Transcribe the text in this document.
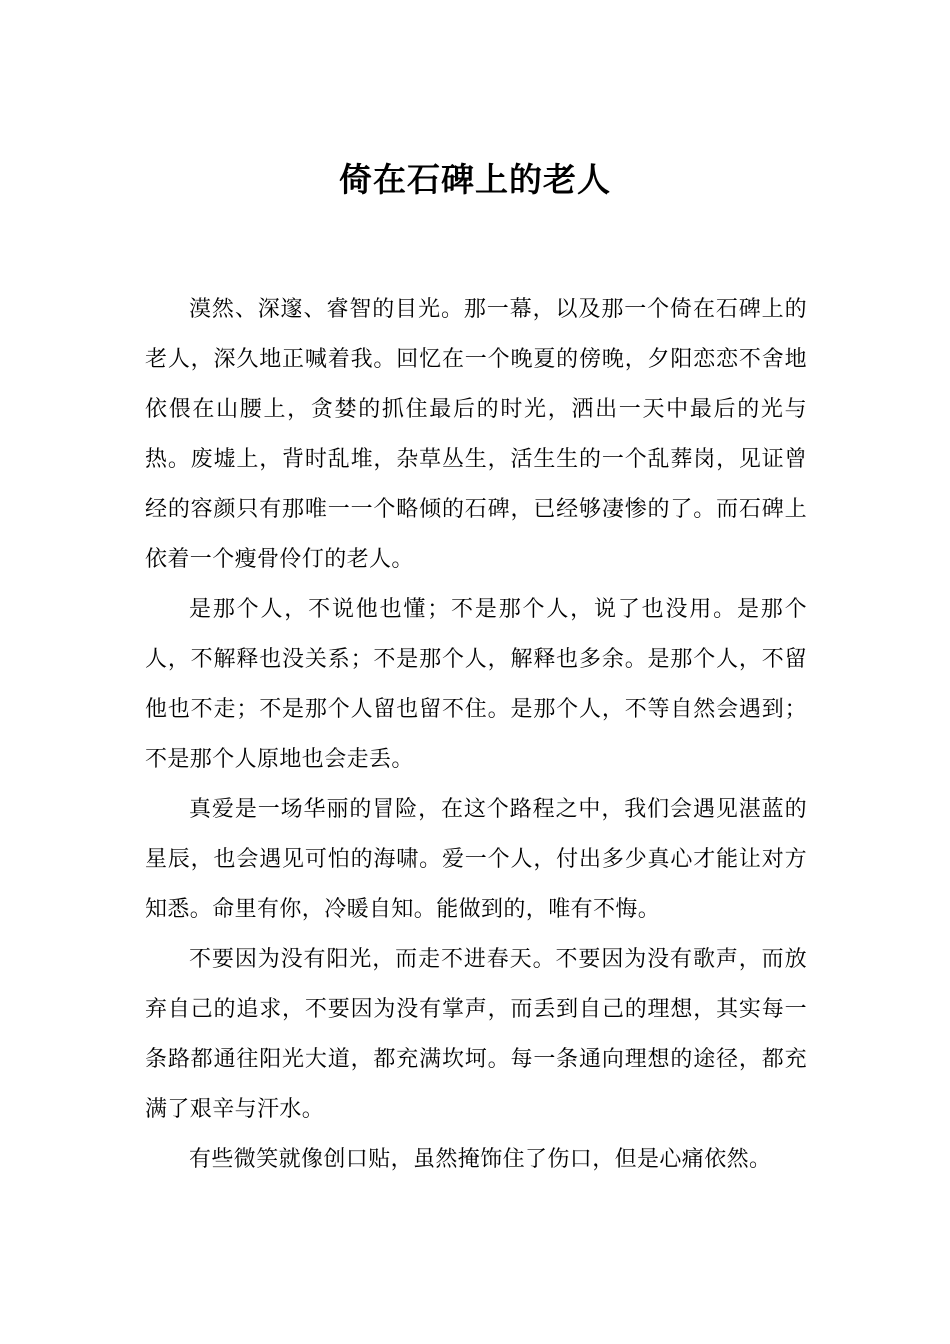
倚在石碑上的老人

漠然、深邃、睿智的目光。那一幕，以及那一个倚在石碑上的老人，深久地正喊着我。回忆在一个晚夏的傍晚，夕阳恋恋不舍地依偎在山腰上，贪婪的抓住最后的时光，洒出一天中最后的光与热。废墟上，背时乱堆，杂草丛生，活生生的一个乱葬岗，见证曾经的容颜只有那唯一一个略倾的石碑，已经够凄惨的了。而石碑上依着一个瘦骨伶仃的老人。

是那个人，不说他也懂；不是那个人，说了也没用。是那个人，不解释也没关系；不是那个人，解释也多余。是那个人，不留他也不走；不是那个人留也留不住。是那个人，不等自然会遇到；不是那个人原地也会走丢。

真爱是一场华丽的冒险，在这个路程之中，我们会遇见湛蓝的星辰，也会遇见可怕的海啸。爱一个人，付出多少真心才能让对方知悉。命里有你，冷暖自知。能做到的，唯有不悔。

不要因为没有阳光，而走不进春天。不要因为没有歌声，而放弃自己的追求，不要因为没有掌声，而丢到自己的理想，其实每一条路都通往阳光大道，都充满坎坷。每一条通向理想的途径，都充满了艰辛与汗水。

有些微笑就像创口贴，虽然掩饰住了伤口，但是心痛依然。
